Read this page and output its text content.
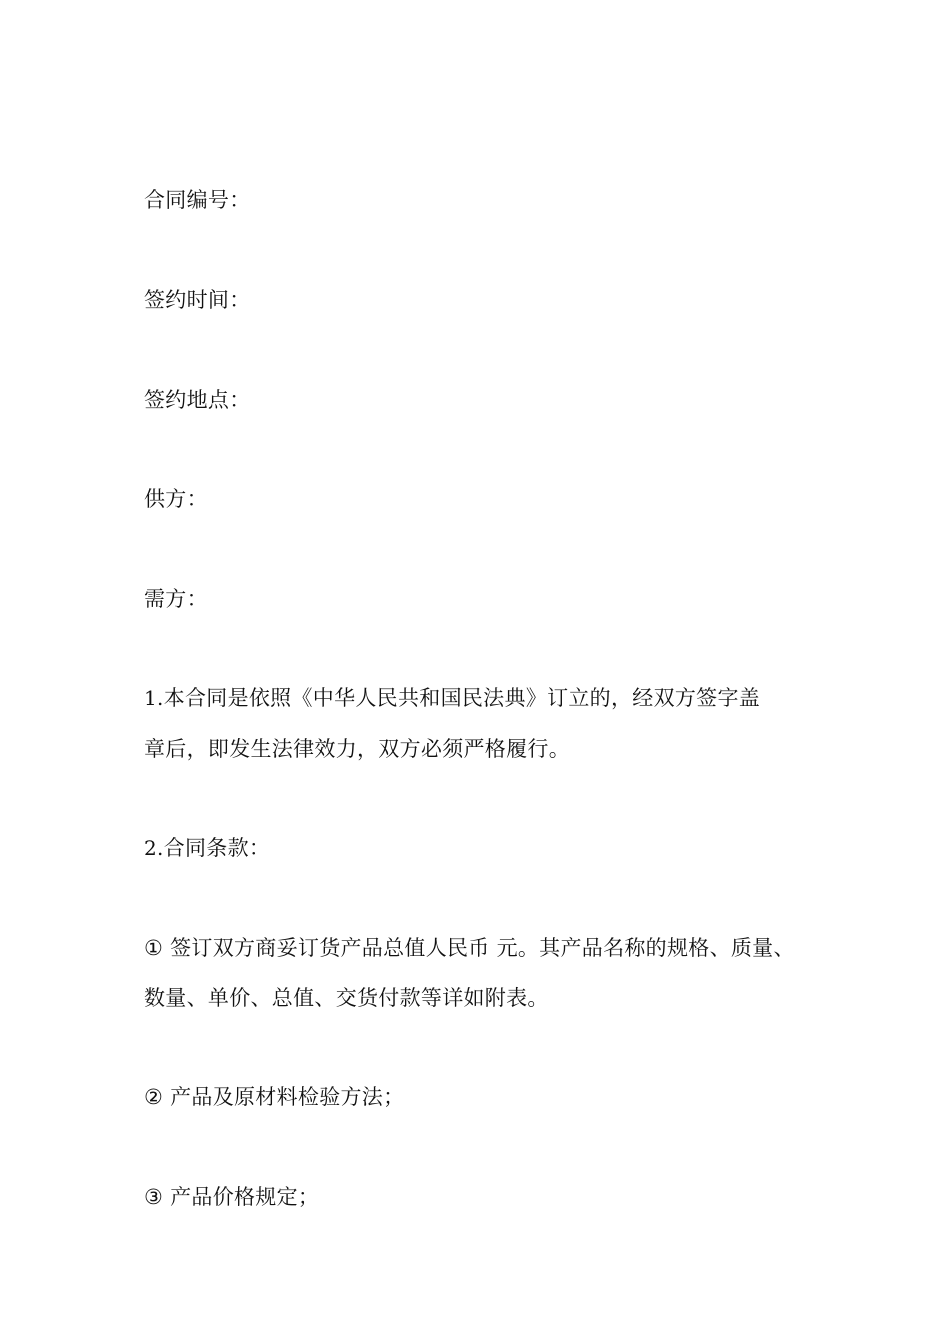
合同编号：
签约时间：
签约地点：
供方：
需方：
1.本合同是依照《中华人民共和国民法典》订立的，经双方签字盖
章后，即发生法律效力，双方必须严格履行。
2.合同条款：
① 签订双方商妥订货产品总值人民币 元。其产品名称的规格、质量、
数量、单价、总值、交货付款等详如附表。
② 产品及原材料检验方法；
③ 产品价格规定；
